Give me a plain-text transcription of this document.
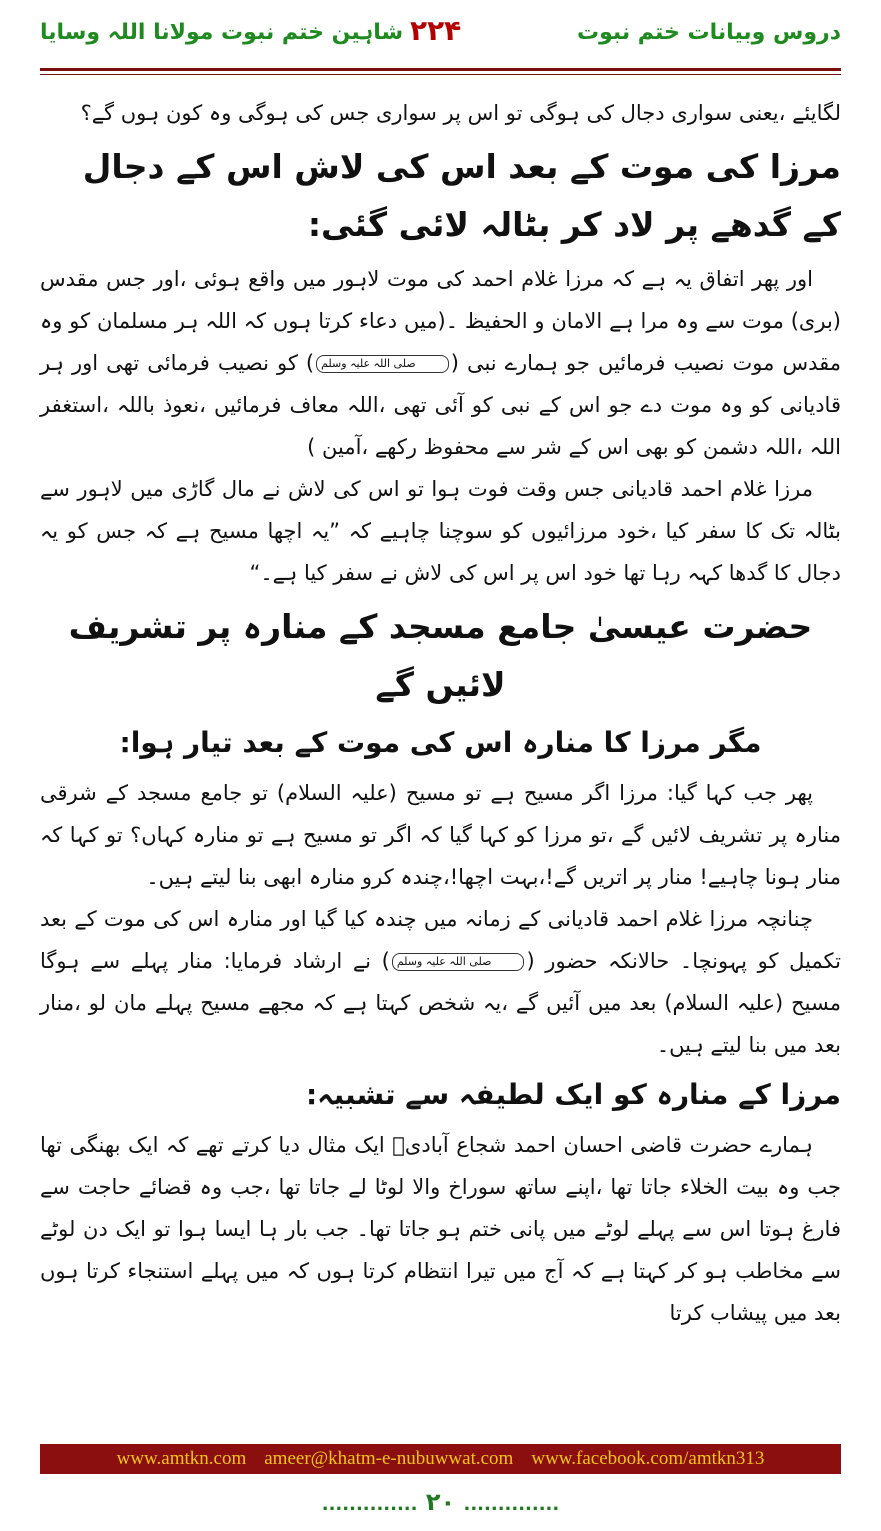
دروس وبیانات ختم نبوت
۲۲۴
شاہین ختم نبوت مولانا اللہ وسایا

لگایئے ،یعنی سواری دجال کی ہوگی تو اس پر سواری جس کی ہوگی وہ کون ہوں گے؟

مرزا کی موت کے بعد اس کی لاش اس کے دجال کے گدھے پر لاد کر بٹالہ لائی گئی:

اور پھر اتفاق یہ ہے کہ مرزا غلام احمد کی موت لاہور میں واقع ہوئی ،اور جس مقدس (بری) موت سے وہ مرا ہے الامان و الحفیظ ۔(میں دعاء کرتا ہوں کہ اللہ ہر مسلمان کو وہ مقدس موت نصیب فرمائیں جو ہمارے نبی (صلی اللہ علیہ وسلم) کو نصیب فرمائی تھی اور ہر قادیانی کو وہ موت دے جو اس کے نبی کو آئی تھی ،اللہ معاف فرمائیں ،نعوذ باللہ ،استغفر اللہ ،اللہ دشمن کو بھی اس کے شر سے محفوظ رکھے ،آمین )

مرزا غلام احمد قادیانی جس وقت فوت ہوا تو اس کی لاش نے مال گاڑی میں لاہور سے بٹالہ تک کا سفر کیا ،خود مرزائیوں کو سوچنا چاہیے کہ ”یہ اچھا مسیح ہے کہ جس کو یہ دجال کا گدھا کہہ رہا تھا خود اس پر اس کی لاش نے سفر کیا ہے۔“

حضرت عیسیٰ جامع مسجد کے منارہ پر تشریف لائیں گے
مگر مرزا کا منارہ اس کی موت کے بعد تیار ہوا:

پھر جب کہا گیا: مرزا اگر مسیح ہے تو مسیح (علیہ السلام) تو جامع مسجد کے شرقی منارہ پر تشریف لائیں گے ،تو مرزا کو کہا گیا کہ اگر تو مسیح ہے تو منارہ کہاں؟ تو کہا کہ منار ہونا چاہیے! منار پر اتریں گے!،بہت اچھا!،چندہ کرو منارہ ابھی بنا لیتے ہیں۔

چنانچہ مرزا غلام احمد قادیانی کے زمانہ میں چندہ کیا گیا اور منارہ اس کی موت کے بعد تکمیل کو پہونچا۔ حالانکہ حضور (صلی اللہ علیہ وسلم) نے ارشاد فرمایا: منار پہلے سے ہوگا مسیح (علیہ السلام) بعد میں آئیں گے ،یہ شخص کہتا ہے کہ مجھے مسیح پہلے مان لو ،منار بعد میں بنا لیتے ہیں۔

مرزا کے منارہ کو ایک لطیفہ سے تشبیہ:

ہمارے حضرت قاضی احسان احمد شجاع آبادیؒ ایک مثال دیا کرتے تھے کہ ایک بھنگی تھا جب وہ بیت الخلاء جاتا تھا ،اپنے ساتھ سوراخ والا لوٹا لے جاتا تھا ،جب وہ قضائے حاجت سے فارغ ہوتا اس سے پہلے لوٹے میں پانی ختم ہو جاتا تھا۔ جب بار ہا ایسا ہوا تو ایک دن لوٹے سے مخاطب ہو کر کہتا ہے کہ آج میں تیرا انتظام کرتا ہوں کہ میں پہلے استنجاء کرتا ہوں بعد میں پیشاب کرتا

www.amtkn.com ameer@khatm-e-nubuwwat.com www.facebook.com/amtkn313
.............. ۲۰ ..............
